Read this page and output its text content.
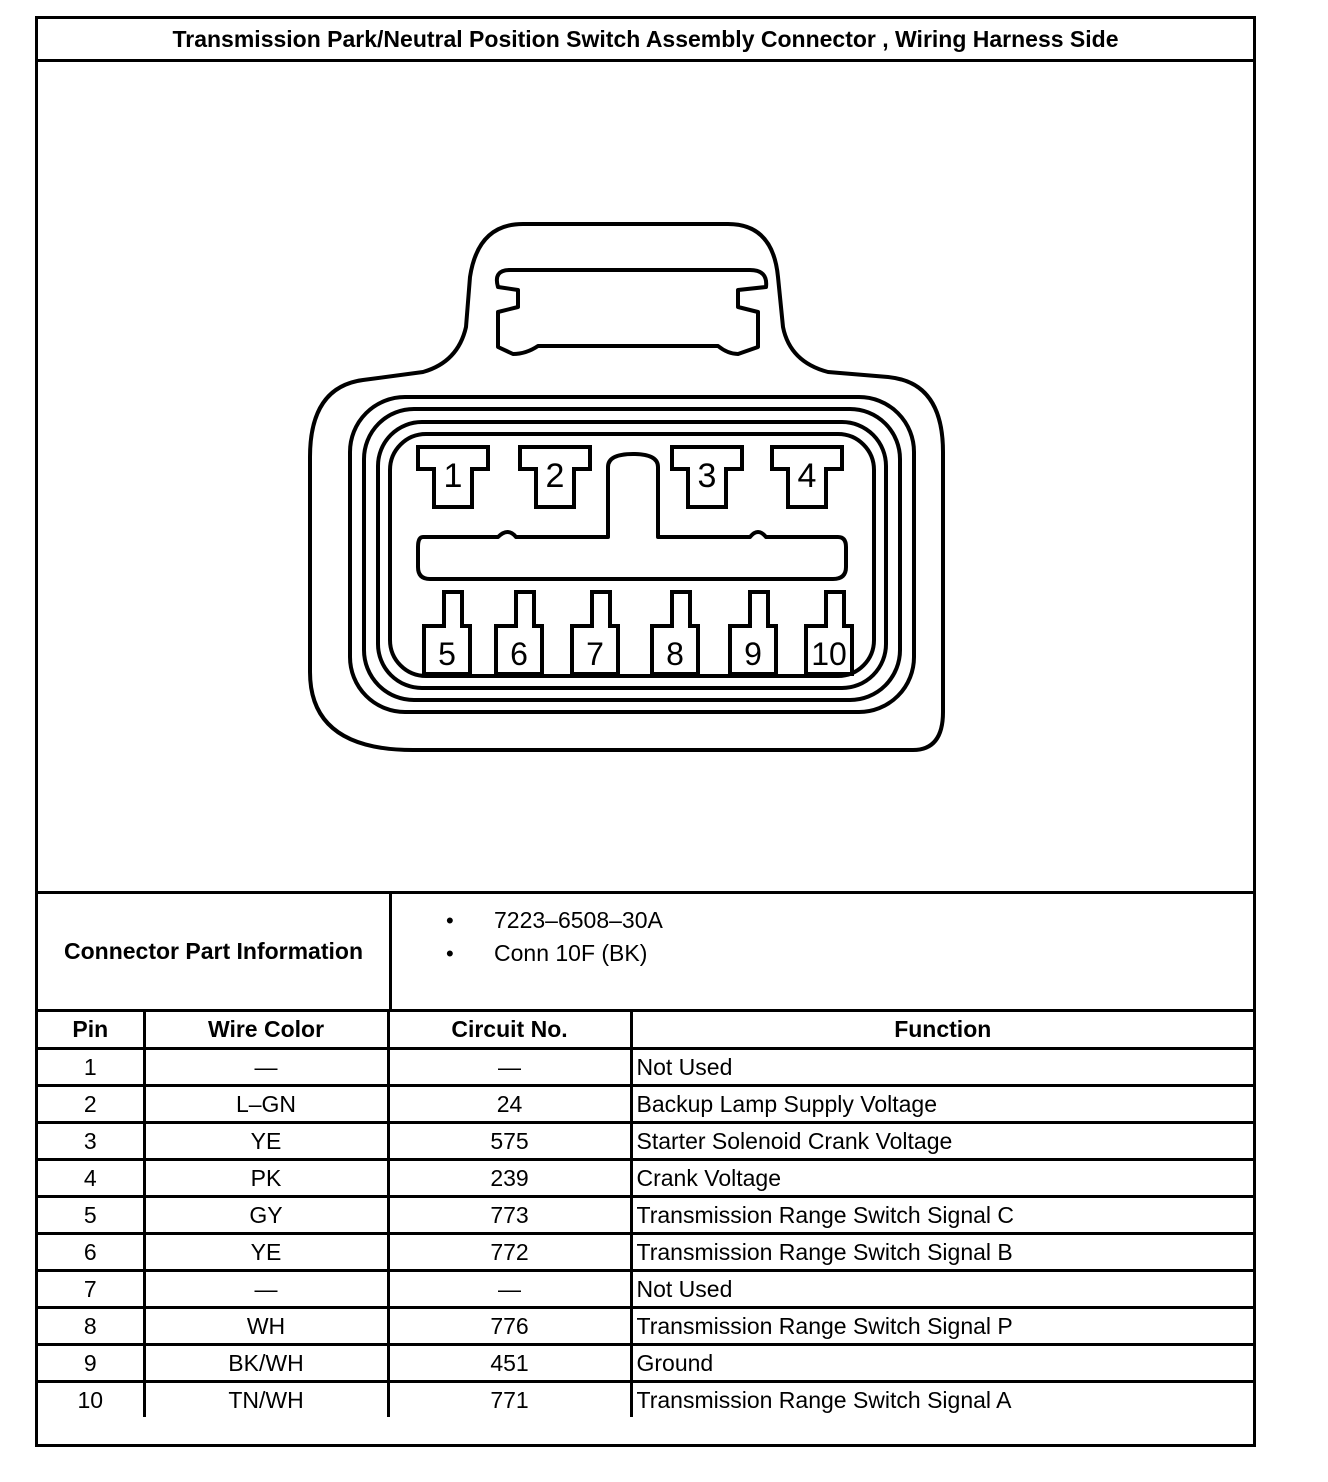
Transmission Park/Neutral Position Switch Assembly Connector , Wiring Harness Side
1 2	3 4
5 6 7 8 9 10
Connector Part Information
•	7223–6508–30A
•	Conn 10F (BK)
Pin	Wire Color	Circuit No.	Function
1	—	—	Not Used
2	L–GN	24	Backup Lamp Supply Voltage
3	YE	575	Starter Solenoid Crank Voltage
4	PK	239	Crank Voltage
5	GY	773	Transmission Range Switch Signal C
6	YE	772	Transmission Range Switch Signal B
7	—	—	Not Used
8	WH	776	Transmission Range Switch Signal P
9	BK/WH	451	Ground
10	TN/WH	771	Transmission Range Switch Signal A
